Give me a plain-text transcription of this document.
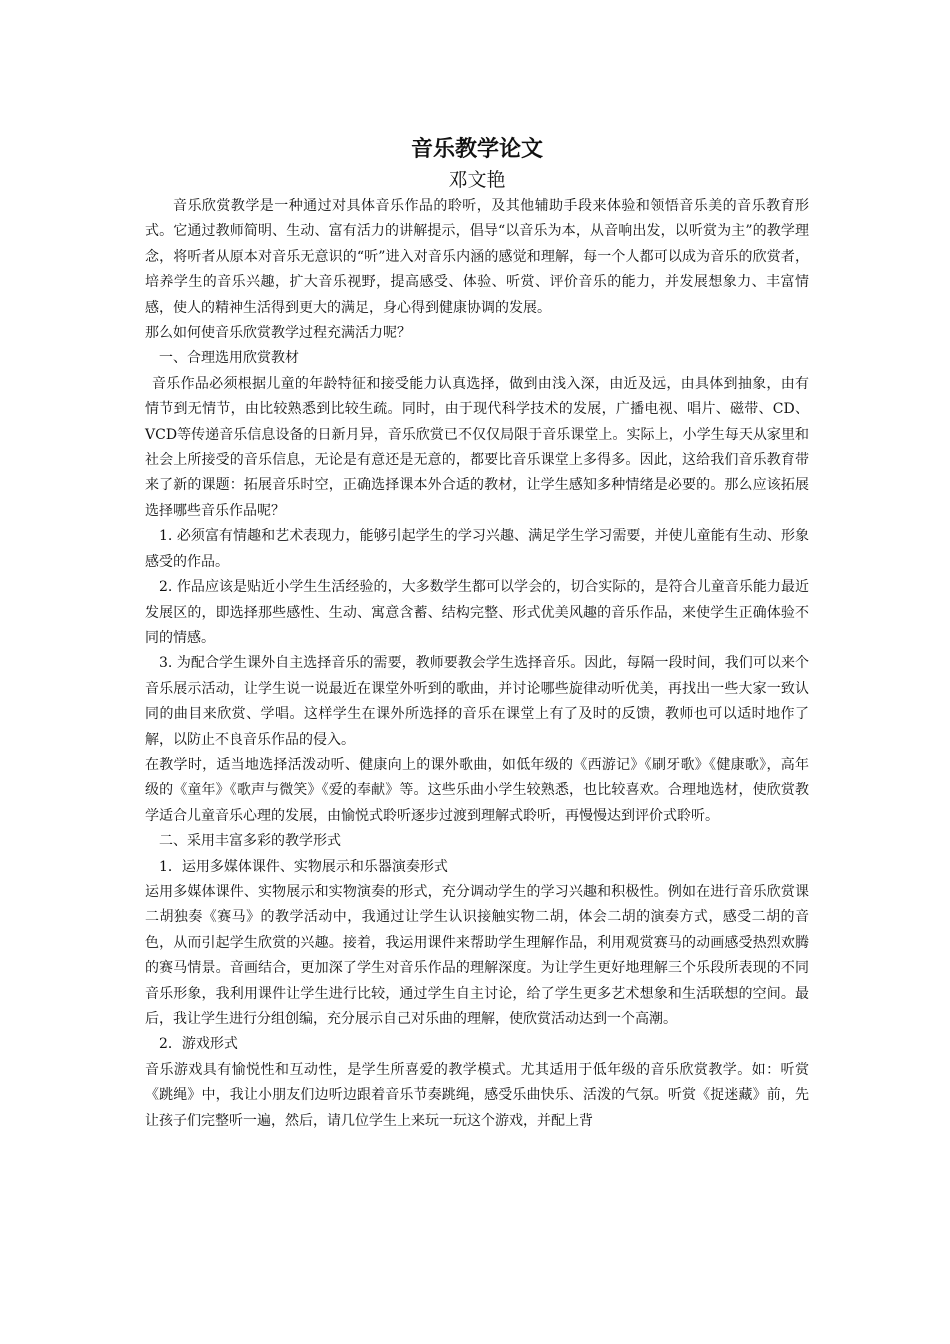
音乐教学论文

邓文艳

音乐欣赏教学是一种通过对具体音乐作品的聆听，及其他辅助手段来体验和领悟音乐美的音乐教育形式。它通过教师简明、生动、富有活力的讲解提示，倡导“以音乐为本，从音响出发，以听赏为主”的教学理念，将听者从原本对音乐无意识的“听”进入对音乐内涵的感觉和理解，每一个人都可以成为音乐的欣赏者，培养学生的音乐兴趣，扩大音乐视野，提高感受、体验、听赏、评价音乐的能力，并发展想象力、丰富情感，使人的精神生活得到更大的满足，身心得到健康协调的发展。

那么如何使音乐欣赏教学过程充满活力呢？

一、合理选用欣赏教材

音乐作品必须根据儿童的年龄特征和接受能力认真选择，做到由浅入深，由近及远，由具体到抽象，由有情节到无情节，由比较熟悉到比较生疏。同时，由于现代科学技术的发展，广播电视、唱片、磁带、CD、VCD等传递音乐信息设备的日新月异，音乐欣赏已不仅仅局限于音乐课堂上。实际上，小学生每天从家里和社会上所接受的音乐信息，无论是有意还是无意的，都要比音乐课堂上多得多。因此，这给我们音乐教育带来了新的课题：拓展音乐时空，正确选择课本外合适的教材，让学生感知多种情绪是必要的。那么应该拓展选择哪些音乐作品呢？

1. 必须富有情趣和艺术表现力，能够引起学生的学习兴趣、满足学生学习需要，并使儿童能有生动、形象感受的作品。

2. 作品应该是贴近小学生生活经验的，大多数学生都可以学会的，切合实际的，是符合儿童音乐能力最近发展区的，即选择那些感性、生动、寓意含蓄、结构完整、形式优美风趣的音乐作品，来使学生正确体验不同的情感。

3. 为配合学生课外自主选择音乐的需要，教师要教会学生选择音乐。因此，每隔一段时间，我们可以来个音乐展示活动，让学生说一说最近在课堂外听到的歌曲，并讨论哪些旋律动听优美，再找出一些大家一致认同的曲目来欣赏、学唱。这样学生在课外所选择的音乐在课堂上有了及时的反馈，教师也可以适时地作了解，以防止不良音乐作品的侵入。

在教学时，适当地选择活泼动听、健康向上的课外歌曲，如低年级的《西游记》《刷牙歌》《健康歌》，高年级的《童年》《歌声与微笑》《爱的奉献》等。这些乐曲小学生较熟悉，也比较喜欢。合理地选材，使欣赏教学适合儿童音乐心理的发展，由愉悦式聆听逐步过渡到理解式聆听，再慢慢达到评价式聆听。

二、采用丰富多彩的教学形式

1．运用多媒体课件、实物展示和乐器演奏形式

运用多媒体课件、实物展示和实物演奏的形式，充分调动学生的学习兴趣和积极性。例如在进行音乐欣赏课二胡独奏《赛马》的教学活动中，我通过让学生认识接触实物二胡，体会二胡的演奏方式，感受二胡的音色，从而引起学生欣赏的兴趣。接着，我运用课件来帮助学生理解作品，利用观赏赛马的动画感受热烈欢腾的赛马情景。音画结合，更加深了学生对音乐作品的理解深度。为让学生更好地理解三个乐段所表现的不同音乐形象，我利用课件让学生进行比较，通过学生自主讨论，给了学生更多艺术想象和生活联想的空间。最后，我让学生进行分组创编，充分展示自己对乐曲的理解，使欣赏活动达到一个高潮。

2．游戏形式

音乐游戏具有愉悦性和互动性，是学生所喜爱的教学模式。尤其适用于低年级的音乐欣赏教学。如：听赏《跳绳》中，我让小朋友们边听边跟着音乐节奏跳绳，感受乐曲快乐、活泼的气氛。听赏《捉迷藏》前，先让孩子们完整听一遍，然后，请几位学生上来玩一玩这个游戏，并配上背
